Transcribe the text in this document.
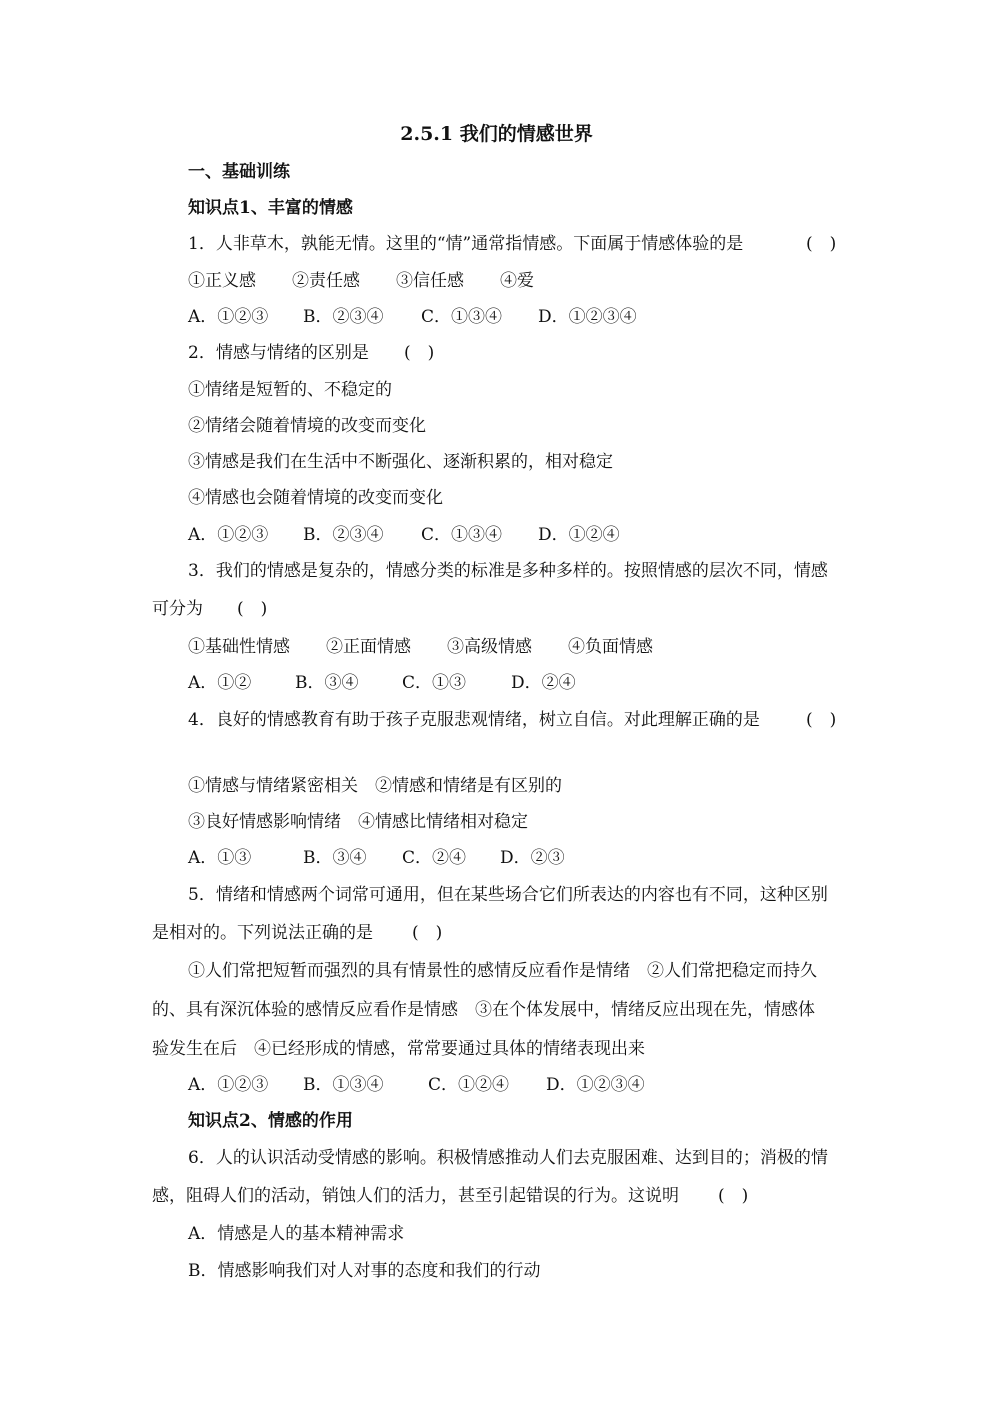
2.5.1 我们的情感世界
一、基础训练
知识点1、丰富的情感
1．人非草木，孰能无情。这里的“情”通常指情感。下面属于情感体验的是	(　)
①正义感 ②责任感 ③信任感 ④爱
A．①②③ B．②③④ C．①③④ D．①②③④
2．情感与情绪的区别是 (　)
①情绪是短暂的、不稳定的
②情绪会随着情境的改变而变化
③情感是我们在生活中不断强化、逐渐积累的，相对稳定
④情感也会随着情境的改变而变化
A．①②③ B．②③④ C．①③④ D．①②④
3．我们的情感是复杂的，情感分类的标准是多种多样的。按照情感的层次不同，情感
可分为 (　)
①基础性情感 ②正面情感 ③高级情感 ④负面情感
A．①②	B．③④	C．①③	D．②④
4．良好的情感教育有助于孩子克服悲观情绪，树立自信。对此理解正确的是	(　)
①情感与情绪紧密相关　②情感和情绪是有区别的
③良好情感影响情绪　④情感比情绪相对稳定
A．①③	B．③④ C．②④ D．②③
5．情绪和情感两个词常可通用，但在某些场合它们所表达的内容也有不同，这种区别
是相对的。下列说法正确的是 (　)
①人们常把短暂而强烈的具有情景性的感情反应看作是情绪　②人们常把稳定而持久
的、具有深沉体验的感情反应看作是情感　③在个体发展中，情绪反应出现在先，情感体
验发生在后　④已经形成的情感，常常要通过具体的情绪表现出来
A．①②③ B．①③④	C．①②④ D．①②③④
知识点2、情感的作用
6．人的认识活动受情感的影响。积极情感推动人们去克服困难、达到目的；消极的情
感，阻碍人们的活动，销蚀人们的活力，甚至引起错误的行为。这说明 (　)
A．情感是人的基本精神需求
B．情感影响我们对人对事的态度和我们的行动
